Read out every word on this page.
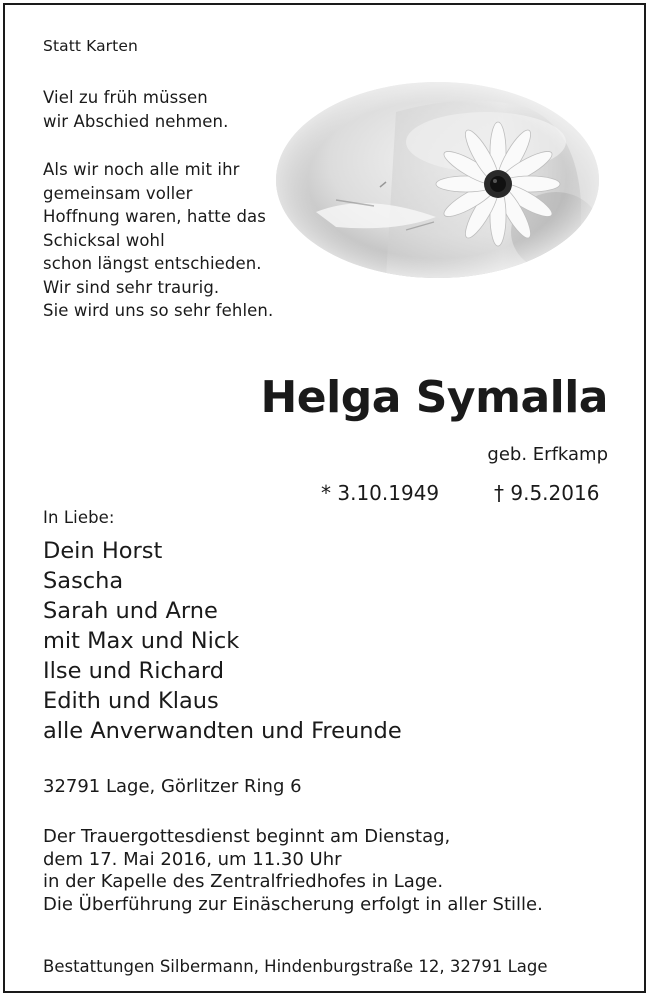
Statt Karten
Viel zu früh müssen
wir Abschied nehmen.
Als wir noch alle mit ihr
gemeinsam voller
Hoffnung waren, hatte das
Schicksal wohl
schon längst entschieden.
Wir sind sehr traurig.
Sie wird uns so sehr fehlen.
Helga Symalla
geb. Erfkamp
* 3.10.1949	† 9.5.2016
In Liebe:
Dein Horst
Sascha
Sarah und Arne
mit Max und Nick
Ilse und Richard
Edith und Klaus
alle Anverwandten und Freunde
32791 Lage, Görlitzer Ring 6
Der Trauergottesdienst beginnt am Dienstag,
dem 17. Mai 2016, um 11.30 Uhr
in der Kapelle des Zentralfriedhofes in Lage.
Die Überführung zur Einäscherung erfolgt in aller Stille.
Bestattungen Silbermann, Hindenburgstraße 12, 32791 Lage
